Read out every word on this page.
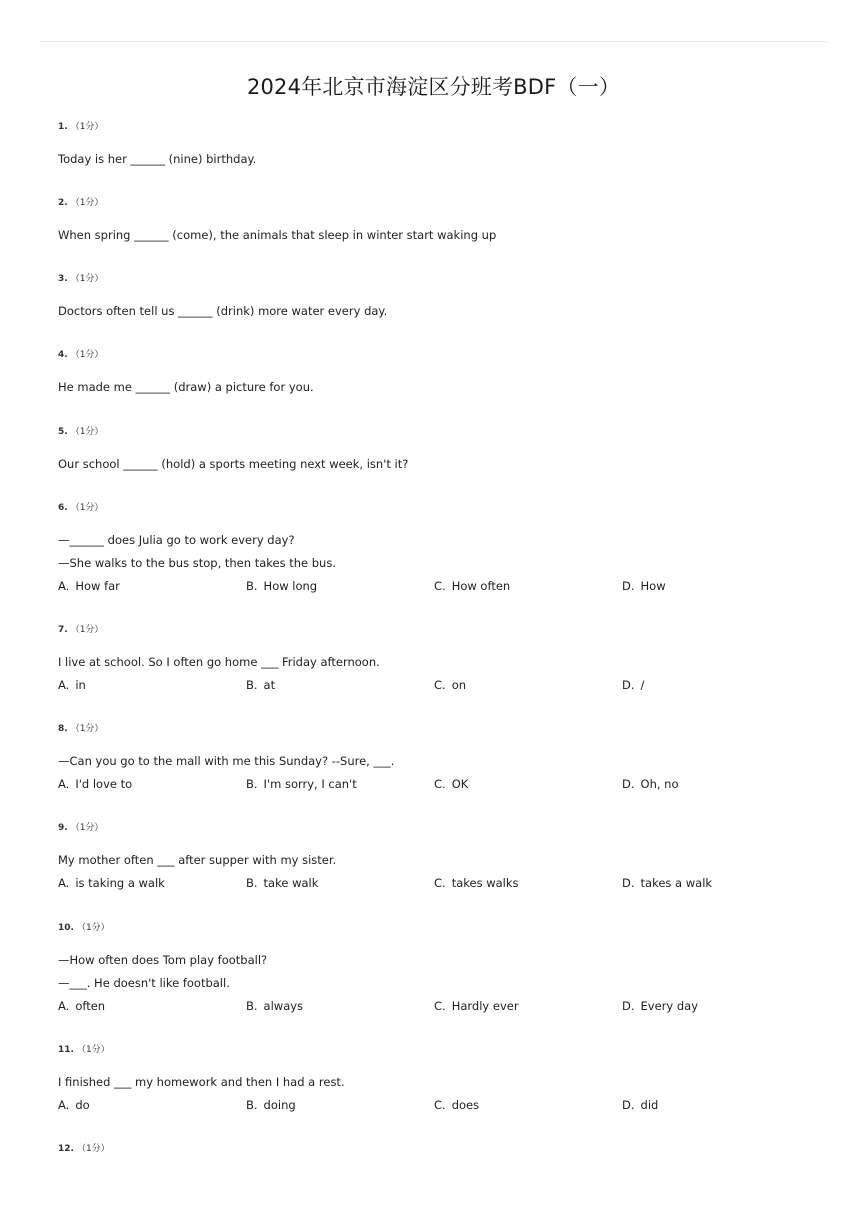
2024年北京市海淀区分班考BDF（一）
1. （1分）
Today is her ______ (nine) birthday.
2. （1分）
When spring ______ (come), the animals that sleep in winter start waking up
3. （1分）
Doctors often tell us ______ (drink) more water every day.
4. （1分）
He made me ______ (draw) a picture for you.
5. （1分）
Our school ______ (hold) a sports meeting next week, isn't it?
6. （1分）
—______ does Julia go to work every day?
—She walks to the bus stop, then takes the bus.
A. How far	B. How long	C. How often	D. How
7. （1分）
I live at school. So I often go home ___ Friday afternoon.
A. in	B. at	C. on	D. /
8. （1分）
—Can you go to the mall with me this Sunday? --Sure, ___.
A. I'd love to	B. I'm sorry, I can't	C. OK	D. Oh, no
9. （1分）
My mother often ___ after supper with my sister.
A. is taking a walk	B. take walk	C. takes walks	D. takes a walk
10. （1分）
—How often does Tom play football?
—___. He doesn't like football.
A. often	B. always	C. Hardly ever	D. Every day
11. （1分）
I finished ___ my homework and then I had a rest.
A. do	B. doing	C. does	D. did
12. （1分）
